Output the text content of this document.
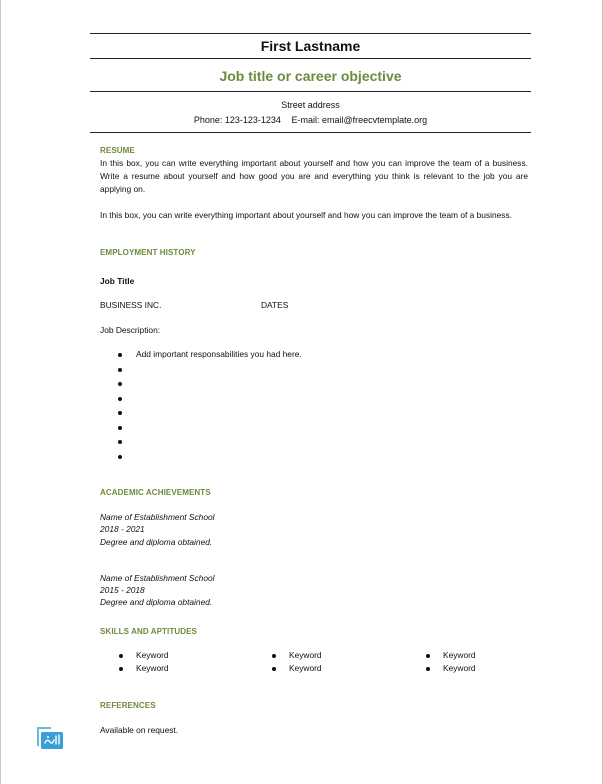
First Lastname
Job title or career objective
Street address
Phone: 123-123-1234 E-mail: email@freecvtemplate.org
RESUME
In this box, you can write everything important about yourself and how you can improve the team of a business. Write a resume about yourself and how good you are and everything you think is relevant to the job you are applying on.
In this box, you can write everything important about yourself and how you can improve the team of a business.
EMPLOYMENT HISTORY
Job Title
BUSINESS INC.	DATES
Job Description:
Add important responsabilities you had here.
ACADEMIC ACHIEVEMENTS
Name of Establishment School
2018 - 2021
Degree and diploma obtained.
Name of Establishment School
2015 - 2018
Degree and diploma obtained.
SKILLS AND APTITUDES
Keyword
Keyword
Keyword
Keyword
Keyword
Keyword
REFERENCES
Available on request.
